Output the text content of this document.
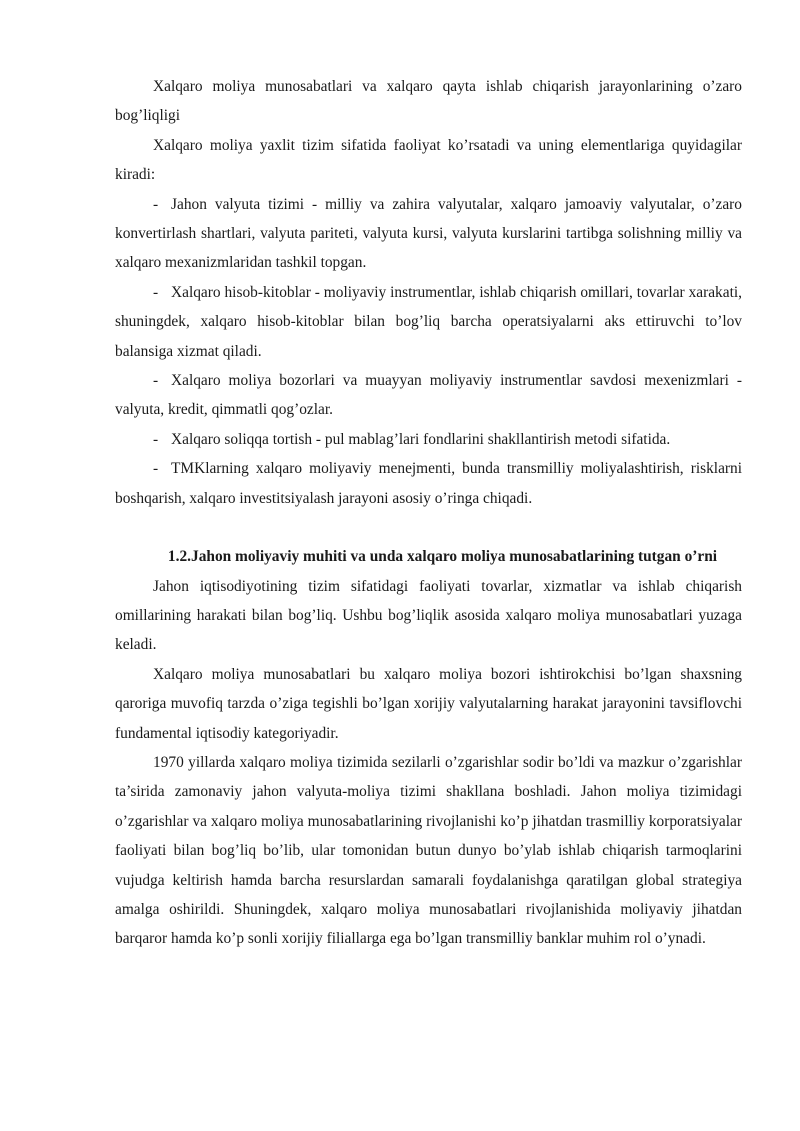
Xalqaro moliya munosabatlari va xalqaro qayta ishlab chiqarish jarayonlarining o’zaro bog’liqligi

Xalqaro moliya yaxlit tizim sifatida faoliyat ko’rsatadi va uning elementlariga quyidagilar kiradi:

- Jahon valyuta tizimi - milliy va zahira valyutalar, xalqaro jamoaviy valyutalar, o’zaro konvertirlash shartlari, valyuta pariteti, valyuta kursi, valyuta kurslarini tartibga solishning milliy va xalqaro mexanizmlaridan tashkil topgan.

- Xalqaro hisob-kitoblar - moliyaviy instrumentlar, ishlab chiqarish omillari, tovarlar xarakati, shuningdek, xalqaro hisob-kitoblar bilan bog’liq barcha operatsiyalarni aks ettiruvchi to’lov balansiga xizmat qiladi.

- Xalqaro moliya bozorlari va muayyan moliyaviy instrumentlar savdosi mexenizmlari - valyuta, kredit, qimmatli qog’ozlar.

- Xalqaro soliqqa tortish - pul mablag’lari fondlarini shakllantirish metodi sifatida.

- TMKlarning xalqaro moliyaviy menejmenti, bunda transmilliy moliyalashtirish, risklarni boshqarish, xalqaro investitsiyalash jarayoni asosiy o’ringa chiqadi.

1.2.Jahon moliyaviy muhiti va unda xalqaro moliya munosabatlarining tutgan o’rni

Jahon iqtisodiyotining tizim sifatidagi faoliyati tovarlar, xizmatlar va ishlab chiqarish omillarining harakati bilan bog’liq. Ushbu bog’liqlik asosida xalqaro moliya munosabatlari yuzaga keladi.

Xalqaro moliya munosabatlari bu xalqaro moliya bozori ishtirokchisi bo’lgan shaxsning qaroriga muvofiq tarzda o’ziga tegishli bo’lgan xorijiy valyutalarning harakat jarayonini tavsiflovchi fundamental iqtisodiy kategoriyadir.

1970 yillarda xalqaro moliya tizimida sezilarli o’zgarishlar sodir bo’ldi va mazkur o’zgarishlar ta’sirida zamonaviy jahon valyuta-moliya tizimi shakllana boshladi. Jahon moliya tizimidagi o’zgarishlar va xalqaro moliya munosabatlarining rivojlanishi ko’p jihatdan trasmilliy korporatsiyalar faoliyati bilan bog’liq bo’lib, ular tomonidan butun dunyo bo’ylab ishlab chiqarish tarmoqlarini vujudga keltirish hamda barcha resurslardan samarali foydalanishga qaratilgan global strategiya amalga oshirildi. Shuningdek, xalqaro moliya munosabatlari rivojlanishida moliyaviy jihatdan barqaror hamda ko’p sonli xorijiy filiallarga ega bo’lgan transmilliy banklar muhim rol o’ynadi.
